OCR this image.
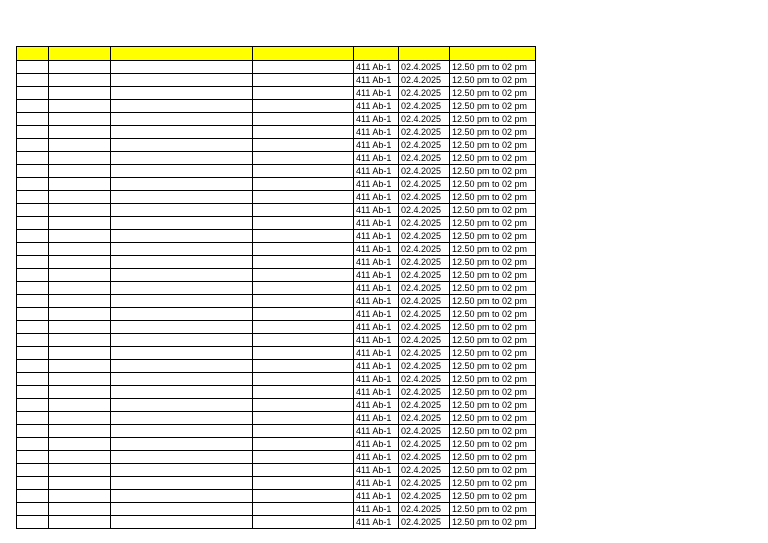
				411 Ab-1	02.4.2025	12.50 pm to 02 pm
				411 Ab-1	02.4.2025	12.50 pm to 02 pm
				411 Ab-1	02.4.2025	12.50 pm to 02 pm
				411 Ab-1	02.4.2025	12.50 pm to 02 pm
				411 Ab-1	02.4.2025	12.50 pm to 02 pm
				411 Ab-1	02.4.2025	12.50 pm to 02 pm
				411 Ab-1	02.4.2025	12.50 pm to 02 pm
				411 Ab-1	02.4.2025	12.50 pm to 02 pm
				411 Ab-1	02.4.2025	12.50 pm to 02 pm
				411 Ab-1	02.4.2025	12.50 pm to 02 pm
				411 Ab-1	02.4.2025	12.50 pm to 02 pm
				411 Ab-1	02.4.2025	12.50 pm to 02 pm
				411 Ab-1	02.4.2025	12.50 pm to 02 pm
				411 Ab-1	02.4.2025	12.50 pm to 02 pm
				411 Ab-1	02.4.2025	12.50 pm to 02 pm
				411 Ab-1	02.4.2025	12.50 pm to 02 pm
				411 Ab-1	02.4.2025	12.50 pm to 02 pm
				411 Ab-1	02.4.2025	12.50 pm to 02 pm
				411 Ab-1	02.4.2025	12.50 pm to 02 pm
				411 Ab-1	02.4.2025	12.50 pm to 02 pm
				411 Ab-1	02.4.2025	12.50 pm to 02 pm
				411 Ab-1	02.4.2025	12.50 pm to 02 pm
				411 Ab-1	02.4.2025	12.50 pm to 02 pm
				411 Ab-1	02.4.2025	12.50 pm to 02 pm
				411 Ab-1	02.4.2025	12.50 pm to 02 pm
				411 Ab-1	02.4.2025	12.50 pm to 02 pm
				411 Ab-1	02.4.2025	12.50 pm to 02 pm
				411 Ab-1	02.4.2025	12.50 pm to 02 pm
				411 Ab-1	02.4.2025	12.50 pm to 02 pm
				411 Ab-1	02.4.2025	12.50 pm to 02 pm
				411 Ab-1	02.4.2025	12.50 pm to 02 pm
				411 Ab-1	02.4.2025	12.50 pm to 02 pm
				411 Ab-1	02.4.2025	12.50 pm to 02 pm
				411 Ab-1	02.4.2025	12.50 pm to 02 pm
				411 Ab-1	02.4.2025	12.50 pm to 02 pm
				411 Ab-1	02.4.2025	12.50 pm to 02 pm
